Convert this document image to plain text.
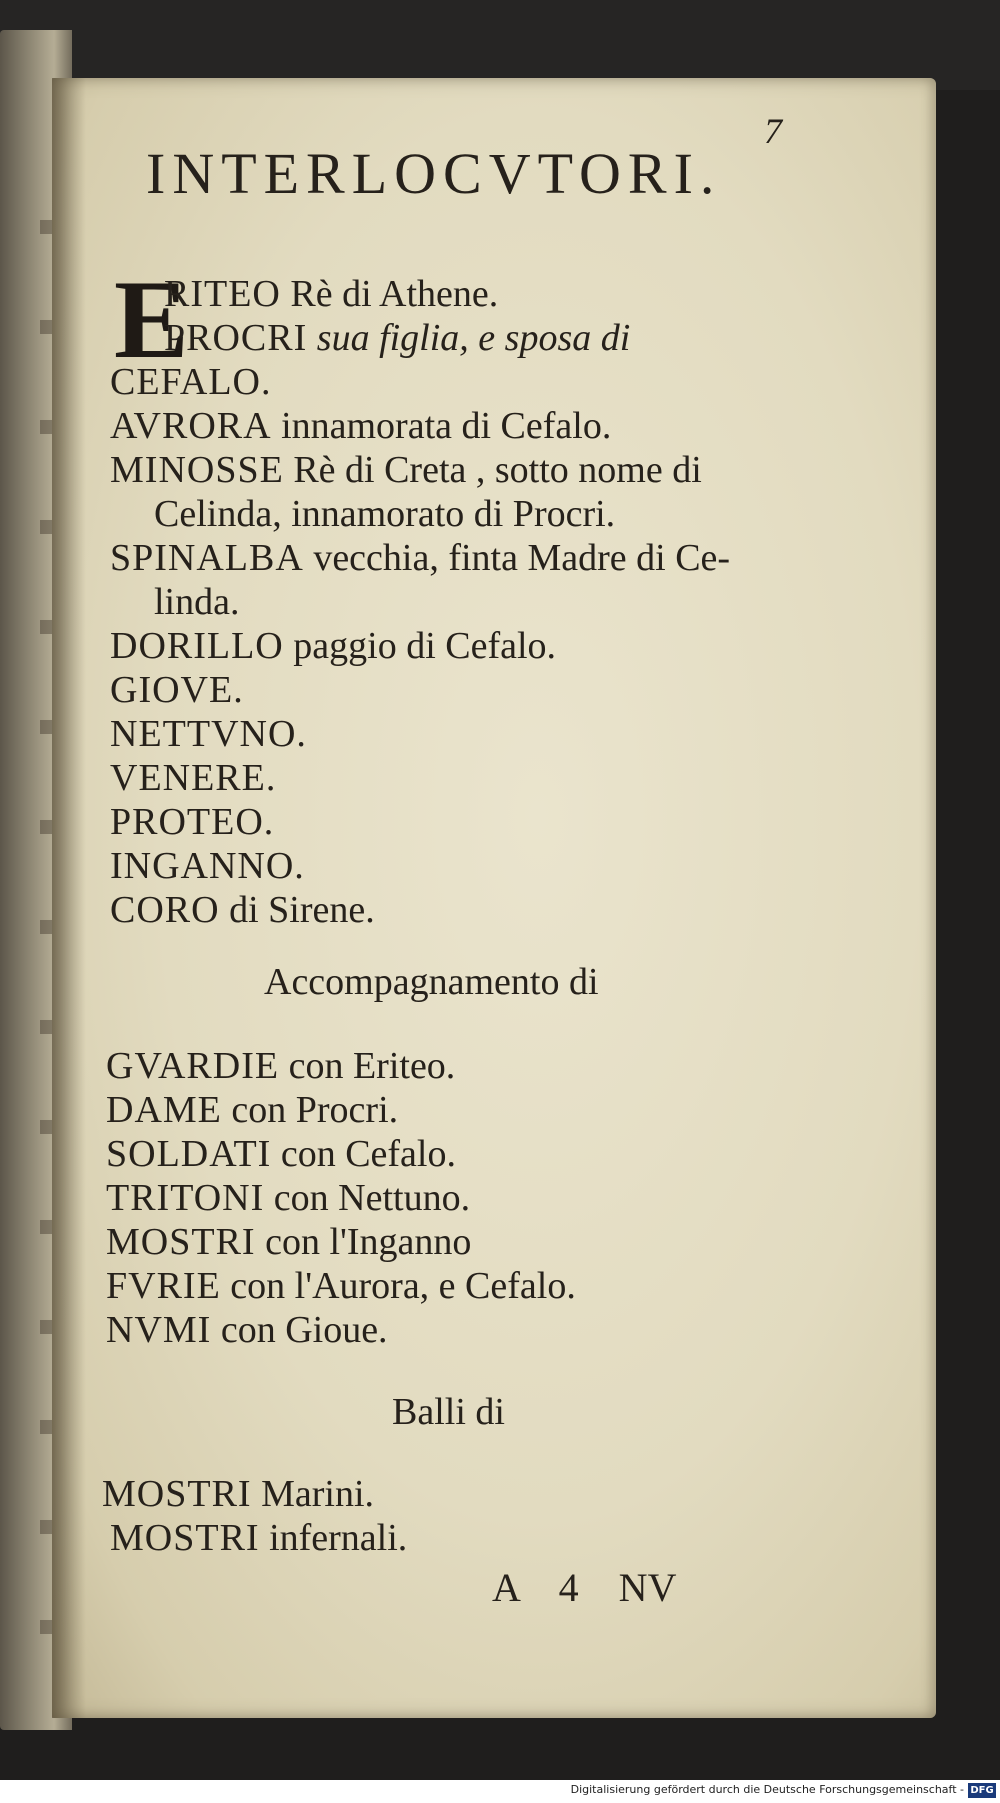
7
INTERLOCVTORI.
E
RITEO Rè di Athene.
PROCRI sua figlia, e sposa di
CEFALO.
AVRORA innamorata di Cefalo.
MINOSSE Rè di Creta , sotto nome di
Celinda, innamorato di Procri.
SPINALBA vecchia, finta Madre di Ce-
linda.
DORILLO paggio di Cefalo.
GIOVE.
NETTVNO.
VENERE.
PROTEO.
INGANNO.
CORO di Sirene.
Accompagnamento di
GVARDIE con Eriteo.
DAME con Procri.
SOLDATI con Cefalo.
TRITONI con Nettuno.
MOSTRI con l'Inganno
FVRIE con l'Aurora, e Cefalo.
NVMI con Gioue.
Balli di
MOSTRI Marini.
MOSTRI infernali.
A 4 NV
Digitalisierung gefördert durch die Deutsche Forschungsgemeinschaft - DFG
